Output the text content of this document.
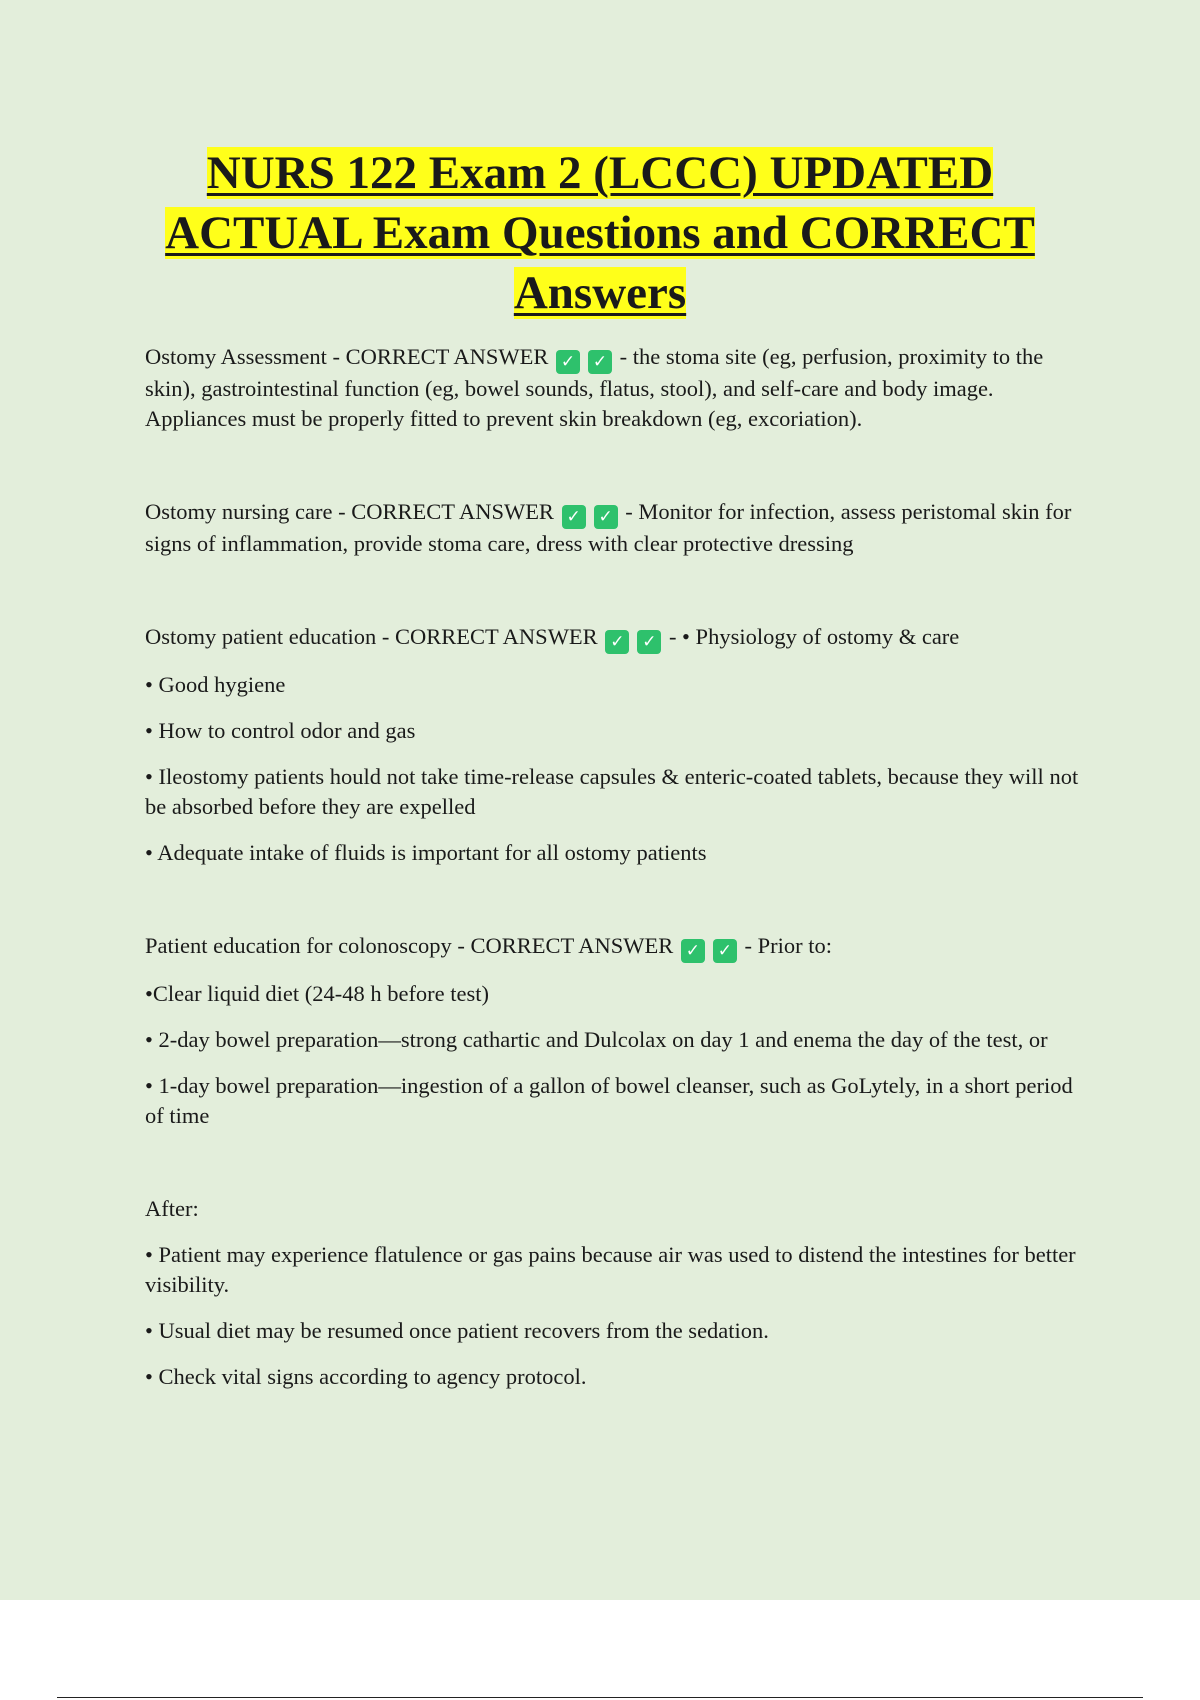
NURS 122 Exam 2 (LCCC) UPDATED
ACTUAL Exam Questions and CORRECT
Answers

Ostomy Assessment - CORRECT ANSWER ✓ ✓ - the stoma site (eg, perfusion, proximity to the skin), gastrointestinal function (eg, bowel sounds, flatus, stool), and self-care and body image. Appliances must be properly fitted to prevent skin breakdown (eg, excoriation).

Ostomy nursing care - CORRECT ANSWER ✓ ✓ - Monitor for infection, assess peristomal skin for signs of inflammation, provide stoma care, dress with clear protective dressing

Ostomy patient education - CORRECT ANSWER ✓ ✓ - • Physiology of ostomy & care

• Good hygiene

• How to control odor and gas

• Ileostomy patients hould not take time-release capsules & enteric-coated tablets, because they will not be absorbed before they are expelled

• Adequate intake of fluids is important for all ostomy patients

Patient education for colonoscopy - CORRECT ANSWER ✓ ✓ - Prior to:

•Clear liquid diet (24-48 h before test)

• 2-day bowel preparation—strong cathartic and Dulcolax on day 1 and enema the day of the test, or

• 1-day bowel preparation—ingestion of a gallon of bowel cleanser, such as GoLytely, in a short period of time

After:

• Patient may experience flatulence or gas pains because air was used to distend the intestines for better visibility.

• Usual diet may be resumed once patient recovers from the sedation.

• Check vital signs according to agency protocol.
